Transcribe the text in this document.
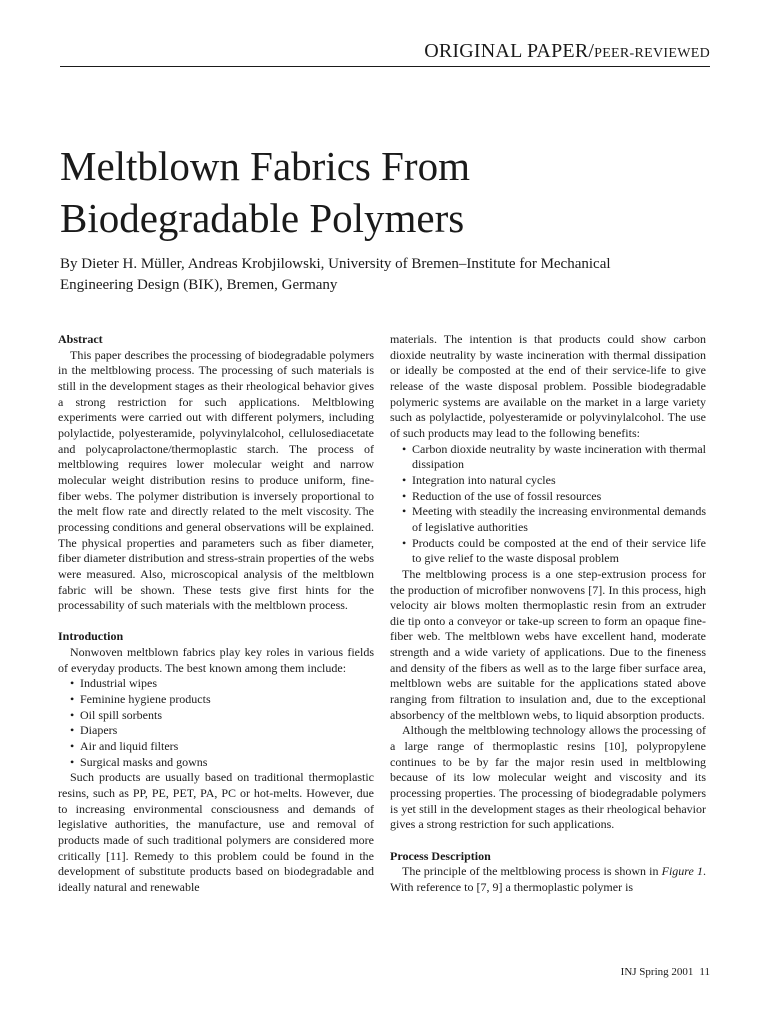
ORIGINAL PAPER/PEER-REVIEWED
Meltblown Fabrics From
Biodegradable Polymers

By Dieter H. Müller, Andreas Krobjilowski, University of Bremen–Institute for Mechanical
Engineering Design (BIK), Bremen, Germany

Abstract

This paper describes the processing of biodegradable polymers in the meltblowing process. The processing of such materials is still in the development stages as their rheological behavior gives a strong restriction for such applications. Meltblowing experiments were carried out with different polymers, including polylactide, polyesteramide, polyvinylalcohol, cellulosediacetate and polycaprolactone/thermoplastic starch. The process of meltblowing requires lower molecular weight and narrow molecular weight distribution resins to produce uniform, fine-fiber webs. The polymer distribution is inversely proportional to the melt flow rate and directly related to the melt viscosity. The processing conditions and general observations will be explained. The physical properties and parameters such as fiber diameter, fiber diameter distribution and stress-strain properties of the webs were measured. Also, microscopical analysis of the meltblown fabric will be shown. These tests give first hints for the processability of such materials with the meltblown process.

Introduction

Nonwoven meltblown fabrics play key roles in various fields of everyday products. The best known among them include:

• Industrial wipes
• Feminine hygiene products
• Oil spill sorbents
• Diapers
• Air and liquid filters
• Surgical masks and gowns

Such products are usually based on traditional thermoplastic resins, such as PP, PE, PET, PA, PC or hot-melts. However, due to increasing environmental consciousness and demands of legislative authorities, the manufacture, use and removal of products made of such traditional polymers are considered more critically [11]. Remedy to this problem could be found in the development of substitute products based on biodegradable and ideally natural and renewable

materials. The intention is that products could show carbon dioxide neutrality by waste incineration with thermal dissipation or ideally be composted at the end of their service-life to give release of the waste disposal problem. Possible biodegradable polymeric systems are available on the market in a large variety such as polylactide, polyesteramide or polyvinylalcohol. The use of such products may lead to the following benefits:

• Carbon dioxide neutrality by waste incineration with thermal dissipation
• Integration into natural cycles
• Reduction of the use of fossil resources
• Meeting with steadily the increasing environmental demands of legislative authorities
• Products could be composted at the end of their service life to give relief to the waste disposal problem

The meltblowing process is a one step-extrusion process for the production of microfiber nonwovens [7]. In this process, high velocity air blows molten thermoplastic resin from an extruder die tip onto a conveyor or take-up screen to form an opaque fine-fiber web. The meltblown webs have excellent hand, moderate strength and a wide variety of applications. Due to the fineness and density of the fibers as well as to the large fiber surface area, meltblown webs are suitable for the applications stated above ranging from filtration to insulation and, due to the exceptional absorbency of the meltblown webs, to liquid absorption products.

Although the meltblowing technology allows the processing of a large range of thermoplastic resins [10], polypropylene continues to be by far the major resin used in meltblowing because of its low molecular weight and viscosity and its processing properties. The processing of biodegradable polymers is yet still in the development stages as their rheological behavior gives a strong restriction for such applications.

Process Description

The principle of the meltblowing process is shown in Figure 1. With reference to [7, 9] a thermoplastic polymer is

INJ Spring 2001 11
